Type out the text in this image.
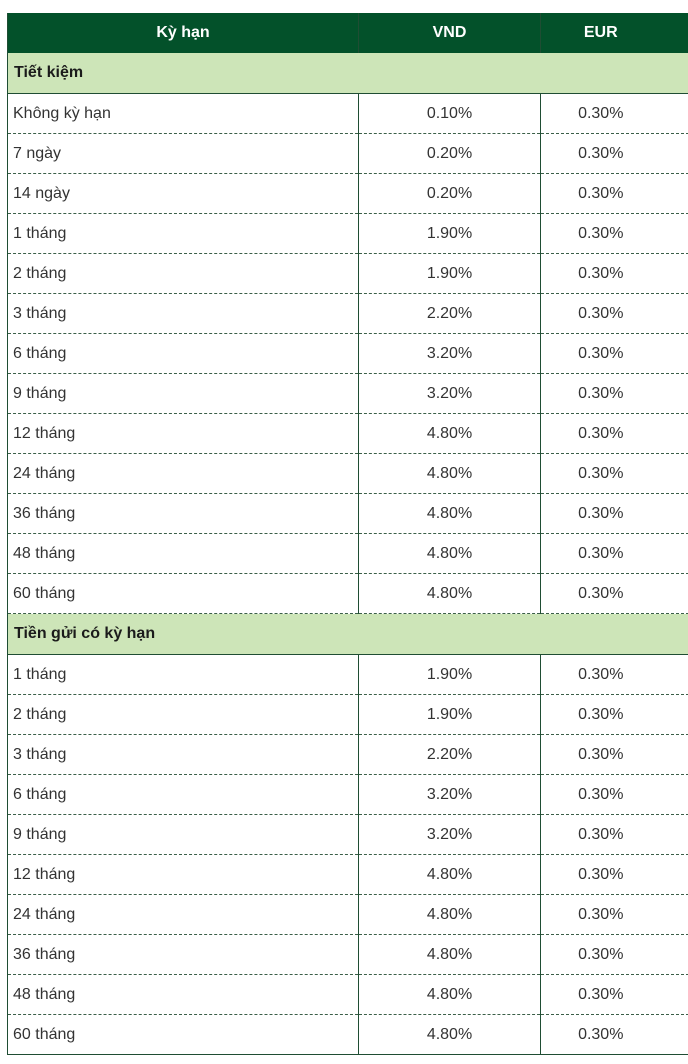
Kỳ hạn	VND	EUR
Tiết kiệm		
Không kỳ hạn	0.10%	0.30%
7 ngày	0.20%	0.30%
14 ngày	0.20%	0.30%
1 tháng	1.90%	0.30%
2 tháng	1.90%	0.30%
3 tháng	2.20%	0.30%
6 tháng	3.20%	0.30%
9 tháng	3.20%	0.30%
12 tháng	4.80%	0.30%
24 tháng	4.80%	0.30%
36 tháng	4.80%	0.30%
48 tháng	4.80%	0.30%
60 tháng	4.80%	0.30%
Tiền gửi có kỳ hạn		
1 tháng	1.90%	0.30%
2 tháng	1.90%	0.30%
3 tháng	2.20%	0.30%
6 tháng	3.20%	0.30%
9 tháng	3.20%	0.30%
12 tháng	4.80%	0.30%
24 tháng	4.80%	0.30%
36 tháng	4.80%	0.30%
48 tháng	4.80%	0.30%
60 tháng	4.80%	0.30%
